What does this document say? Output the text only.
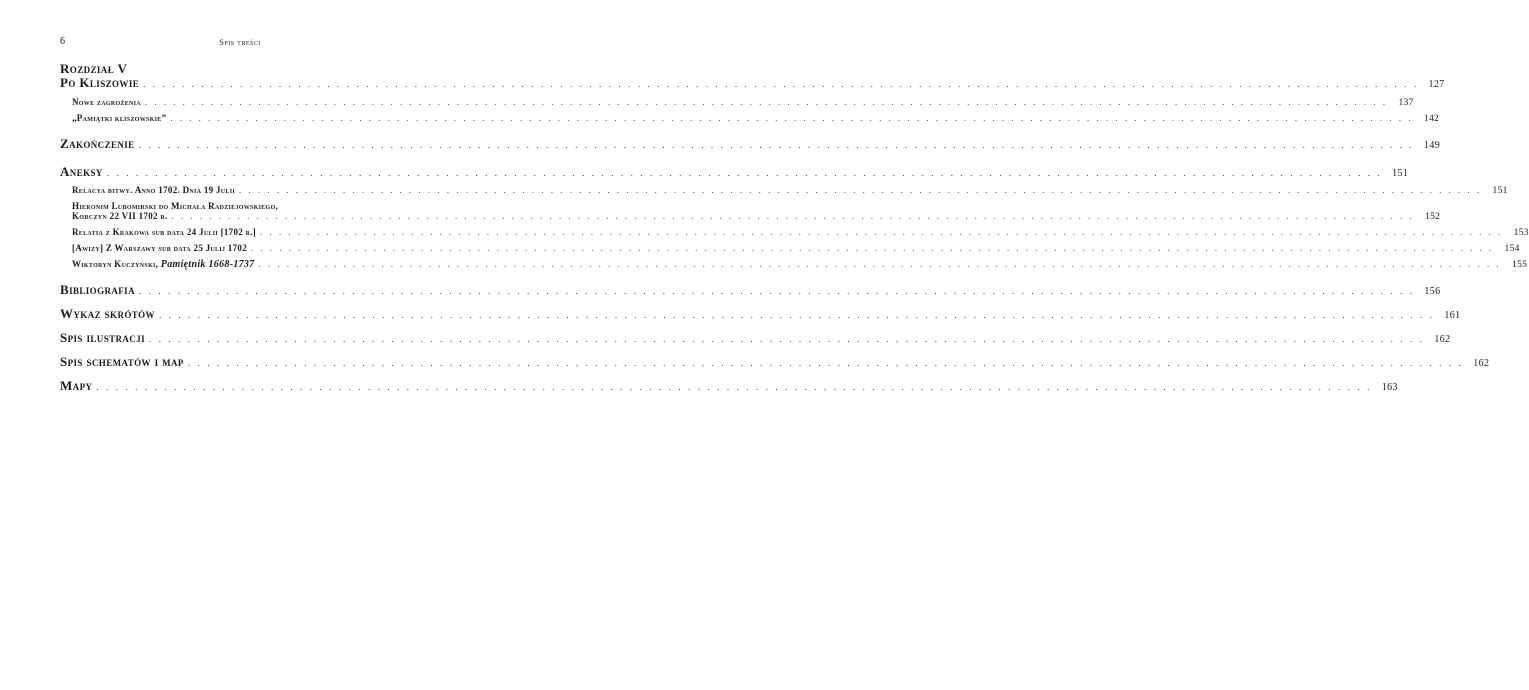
6	Spis treści
Rozdział V
Po Kliszowie . . .	127
Nowe zagrożenia . . .	137
„Pamiątki kliszowskie” . . .	142
Zakończenie . . .	149
Aneksy . . .	151
Relacya bitwy. Anno 1702. Dnia 19 Julii . . .	151
Hieronim Lubomirski do Michała Radziejowskiego,
Korczyn 22 VII 1702 r. . . .	152
Relatia z Krakowa sub data 24 Julii [1702 r.] . . .	153
[Awizy] Z Warszawy sub data 25 Julij 1702 . . .	154
Wiktoryn Kuczyński, Pamiętnik 1668-1737 . . .	155
Bibliografia . . .	156
Wykaz skrótów . . .	161
Spis ilustracji . . .	162
Spis schematów i map . . .	162
Mapy . . .	163
